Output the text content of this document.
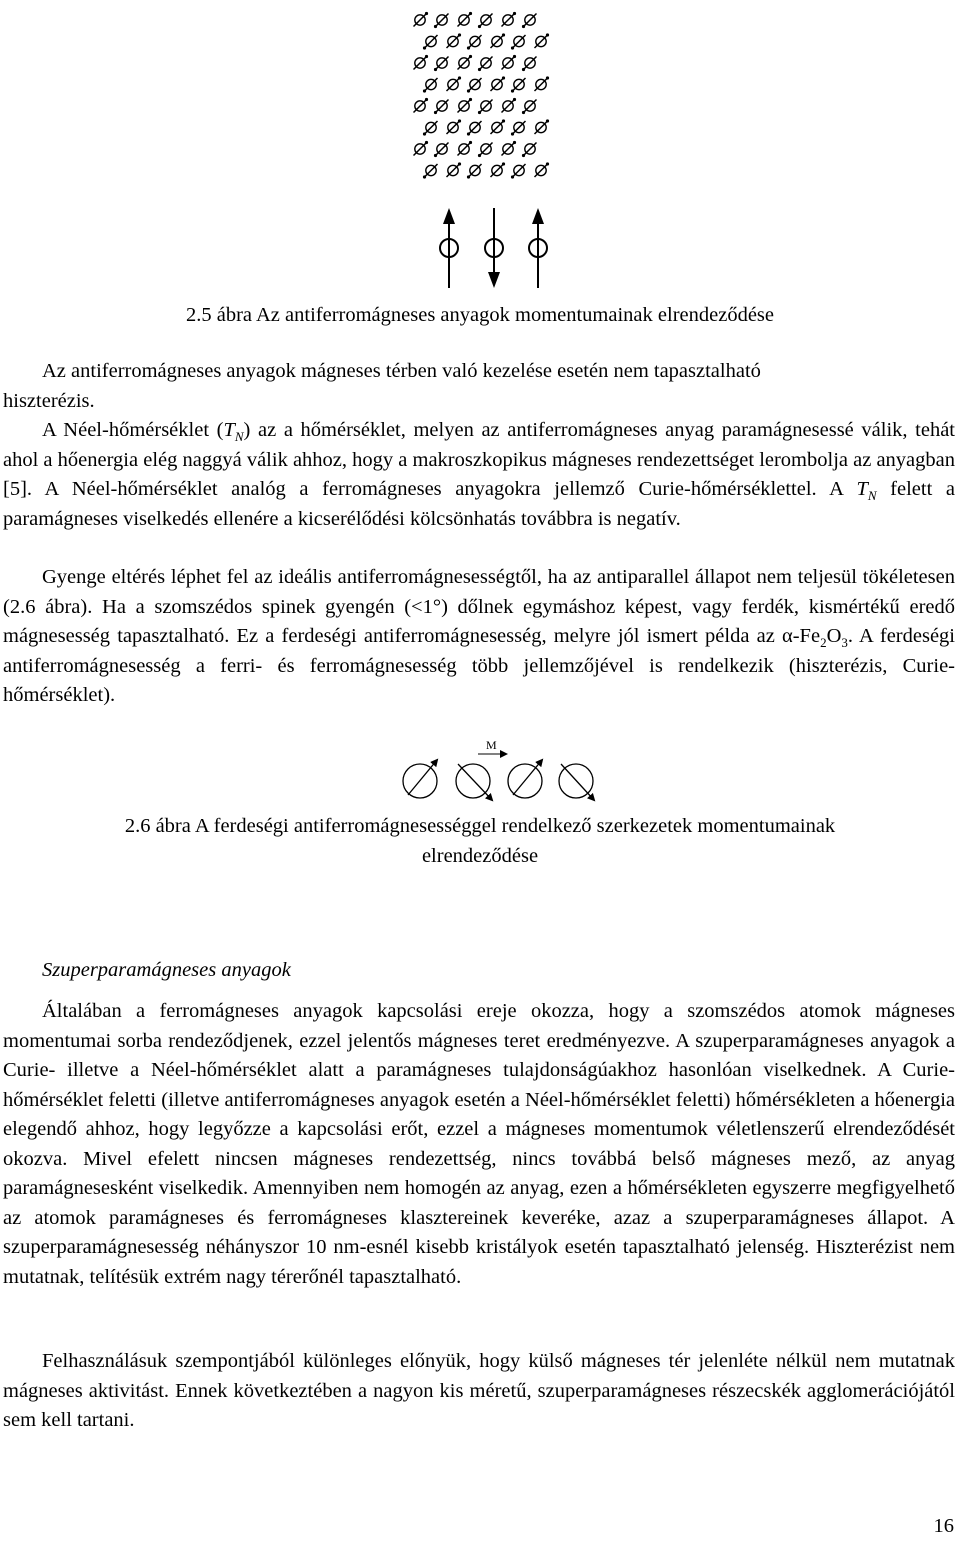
2.5 ábra Az antiferromágneses anyagok momentumainak elrendeződése
Az antiferromágneses anyagok mágneses térben való kezelése esetén nem tapasztalható
hiszterézis.
A Néel-hőmérséklet $(T_N)$ az a hőmérséklet, melyen az antiferromágneses anyag paramágnesessé válik, tehát ahol a hőenergia elég naggyá válik ahhoz, hogy a makroszkopikus mágneses rendezettséget lerombolja az anyagban [5]. A Néel-hőmérséklet analóg a ferromágneses anyagokra jellemző Curie-hőmérséklettel. A $T_N$ felett a paramágneses viselkedés ellenére a kicserélődési kölcsönhatás továbbra is negatív.
Gyenge eltérés léphet fel az ideális antiferromágnesességtől, ha az antiparallel állapot nem teljesül tökéletesen (2.6 ábra). Ha a szomszédos spinek gyengén (<1°) dőlnek egymáshoz képest, vagy ferdék, kismértékű eredő mágnesesség tapasztalható. Ez a ferdeségi antiferromágnesesség, melyre jól ismert példa az $\alpha-Fe_2O_3$. A ferdeségi antiferromágnesesség a ferri- és ferromágnesesség több jellemzőjével is rendelkezik (hiszterézis, Curie-hőmérséklet).
M
2.6 ábra A ferdeségi antiferromágnesességgel rendelkező szerkezetek momentumainak
elrendeződése
Szuperparamágneses anyagok
Általában a ferromágneses anyagok kapcsolási ereje okozza, hogy a szomszédos atomok mágneses momentumai sorba rendeződjenek, ezzel jelentős mágneses teret eredményezve. A szuperparamágneses anyagok a Curie- illetve a Néel-hőmérséklet alatt a paramágneses tulajdonságúakhoz hasonlóan viselkednek. A Curie-hőmérséklet feletti (illetve antiferromágneses anyagok esetén a Néel-hőmérséklet feletti) hőmérsékleten a hőenergia elegendő ahhoz, hogy legyőzze a kapcsolási erőt, ezzel a mágneses momentumok véletlenszerű elrendeződését okozva. Mivel efelett nincsen mágneses rendezettség, nincs továbbá belső mágneses mező, az anyag paramágnesesként viselkedik. Amennyiben nem homogén az anyag, ezen a hőmérsékleten egyszerre megfigyelhető az atomok paramágneses és ferromágneses klasztereinek keveréke, azaz a szuperparamágneses állapot. A szuperparamágnesesség néhányszor 10 nm-esnél kisebb kristályok esetén tapasztalható jelenség. Hiszterézist nem mutatnak, telítésük extrém nagy térerőnél tapasztalható.
Felhasználásuk szempontjából különleges előnyük, hogy külső mágneses tér jelenléte nélkül nem mutatnak mágneses aktivitást. Ennek következtében a nagyon kis méretű, szuperparamágneses részecskék agglomerációjától sem kell tartani.
16
